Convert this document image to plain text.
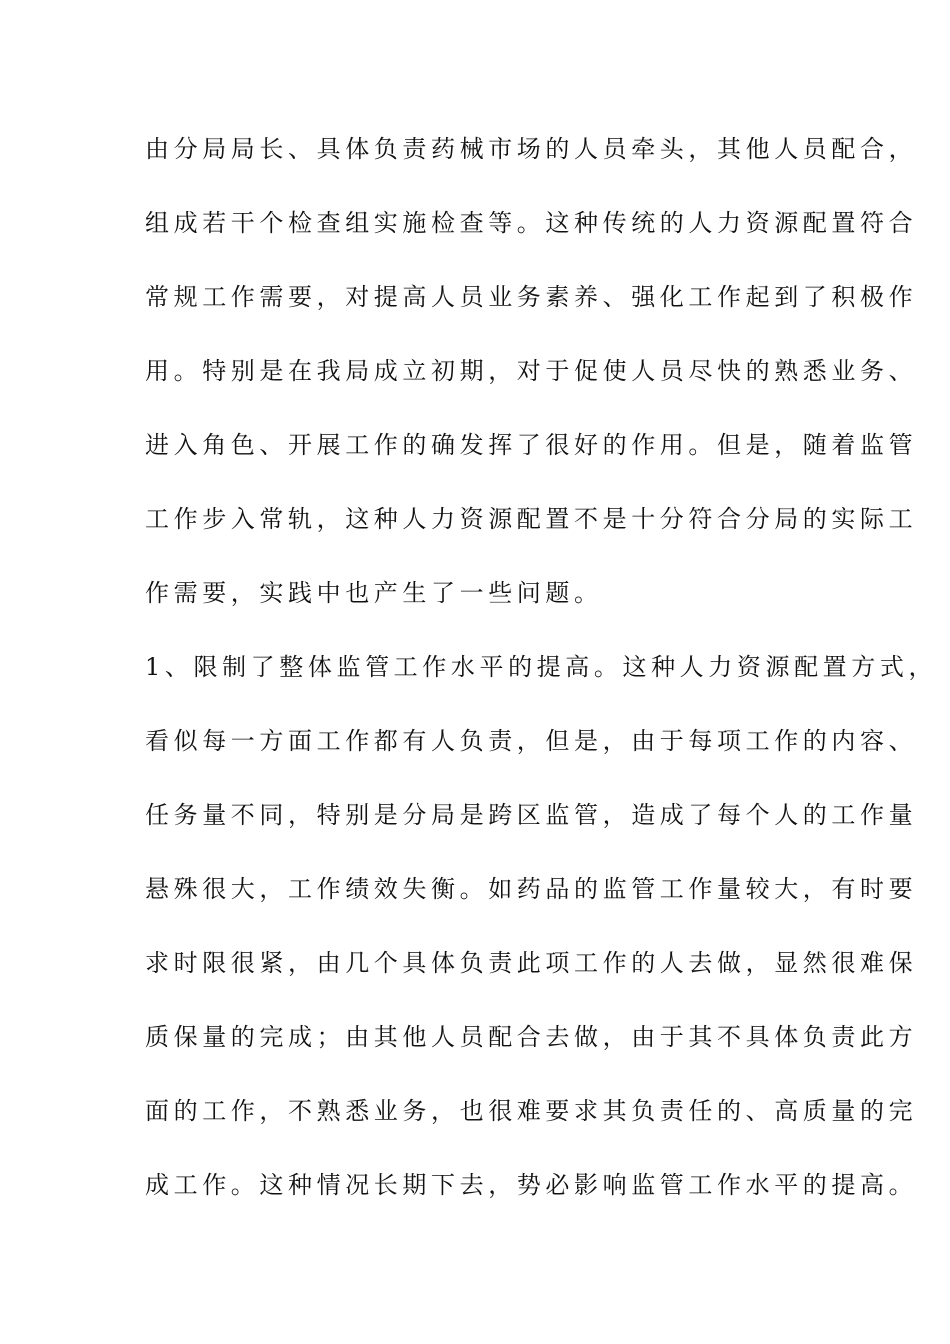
由分局局长、具体负责药械市场的人员牵头，其他人员配合，
组成若干个检查组实施检查等。这种传统的人力资源配置符合
常规工作需要，对提高人员业务素养、强化工作起到了积极作
用。特别是在我局成立初期，对于促使人员尽快的熟悉业务、
进入角色、开展工作的确发挥了很好的作用。但是，随着监管
工作步入常轨，这种人力资源配置不是十分符合分局的实际工
作需要，实践中也产生了一些问题。
1、限制了整体监管工作水平的提高。这种人力资源配置方式，
看似每一方面工作都有人负责，但是，由于每项工作的内容、
任务量不同，特别是分局是跨区监管，造成了每个人的工作量
悬殊很大，工作绩效失衡。如药品的监管工作量较大，有时要
求时限很紧，由几个具体负责此项工作的人去做，显然很难保
质保量的完成；由其他人员配合去做，由于其不具体负责此方
面的工作，不熟悉业务，也很难要求其负责任的、高质量的完
成工作。这种情况长期下去，势必影响监管工作水平的提高。
